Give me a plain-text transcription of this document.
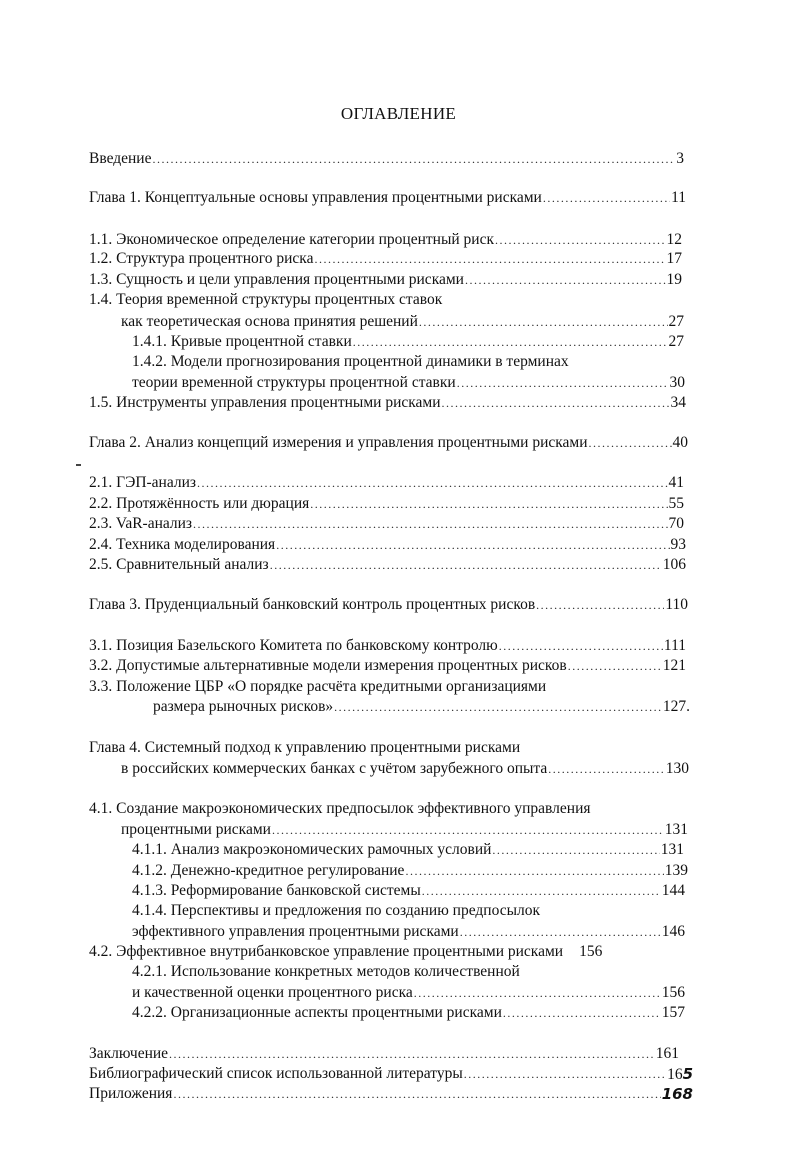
ОГЛАВЛЕНИЕ
Введение .....	3
Глава 1. Концептуальные основы управления процентными рисками .....	11
1.1. Экономическое определение категории процентный риск .....	12
1.2. Структура процентного риска .....	17
1.3. Сущность и цели управления процентными рисками .....	19
1.4. Теория временной структуры процентных ставок
как теоретическая основа принятия решений .....	27
1.4.1. Кривые процентной ставки .....	27
1.4.2. Модели прогнозирования процентной динамики в терминах
теории временной структуры процентной ставки .....	30
1.5. Инструменты управления процентными рисками .....	34
Глава 2. Анализ концепций измерения и управления процентными рисками .....	40
2.1. ГЭП-анализ .....	41
2.2. Протяжённость или дюрация .....	55
2.3. VaR-анализ .....	70
2.4. Техника моделирования .....	93
2.5. Сравнительный анализ .....	106
Глава 3. Пруденциальный банковский контроль процентных рисков .....	110
3.1. Позиция Базельского Комитета по банковскому контролю .....	111
3.2. Допустимые альтернативные модели измерения процентных рисков .....	121
3.3. Положение ЦБР «О порядке расчёта кредитными организациями
размера рыночных рисков» .....	127.
Глава 4. Системный подход к управлению процентными рисками
в российских коммерческих банках с учётом зарубежного опыта .....	130
4.1. Создание макроэкономических предпосылок эффективного управления
процентными рисками .....	131
4.1.1. Анализ макроэкономических рамочных условий .....	131
4.1.2. Денежно-кредитное регулирование .....	139
4.1.3. Реформирование банковской системы .....	144
4.1.4. Перспективы и предложения по созданию предпосылок
эффективного управления процентными рисками .....	146
4.2. Эффективное внутрибанковское управление процентными рисками 156
4.2.1. Использование конкретных методов количественной
и качественной оценки процентного риска .....	156
4.2.2. Организационные аспекты процентными рисками .....	157
Заключение .....	161
Библиографический список использованной литературы .....	165
Приложения .....	168
